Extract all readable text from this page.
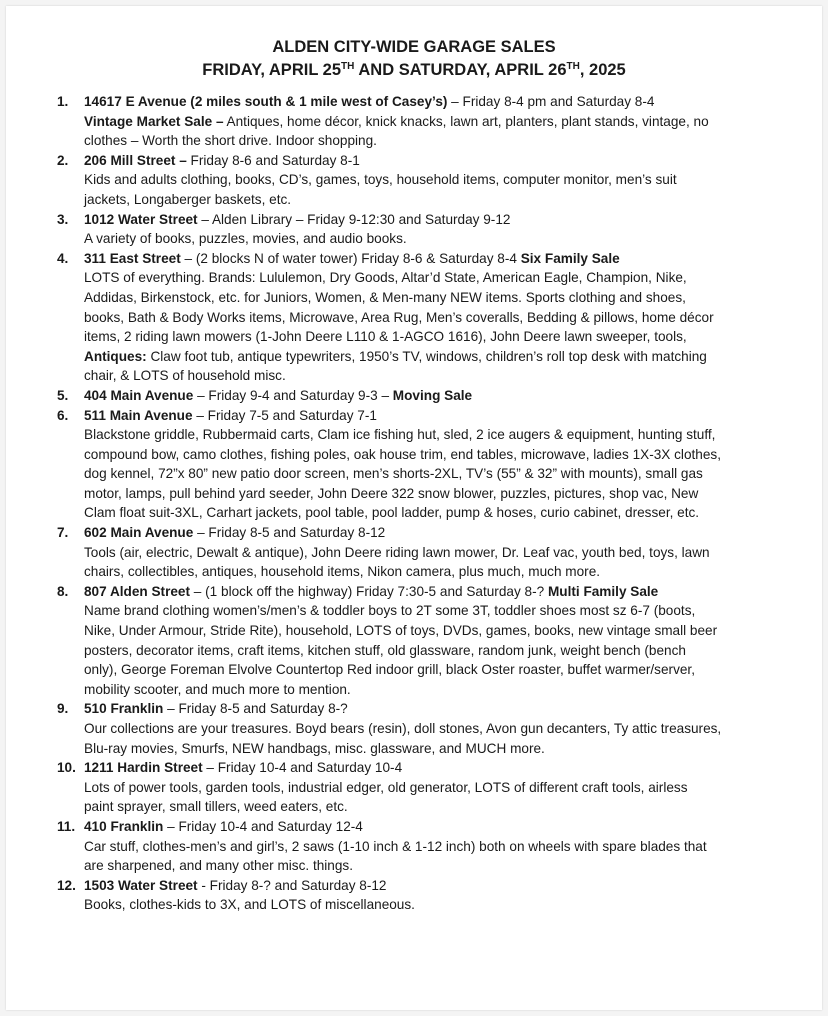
ALDEN CITY-WIDE GARAGE SALES
FRIDAY, APRIL 25TH AND SATURDAY, APRIL 26TH, 2025
1. 14617 E Avenue (2 miles south & 1 mile west of Casey’s) – Friday 8-4 pm and Saturday 8-4
Vintage Market Sale – Antiques, home décor, knick knacks, lawn art, planters, plant stands, vintage, no
clothes – Worth the short drive. Indoor shopping.
2. 206 Mill Street – Friday 8-6 and Saturday 8-1
Kids and adults clothing, books, CD’s, games, toys, household items, computer monitor, men’s suit
jackets, Longaberger baskets, etc.
3. 1012 Water Street – Alden Library – Friday 9-12:30 and Saturday 9-12
A variety of books, puzzles, movies, and audio books.
4. 311 East Street – (2 blocks N of water tower) Friday 8-6 & Saturday 8-4 Six Family Sale
LOTS of everything. Brands: Lululemon, Dry Goods, Altar’d State, American Eagle, Champion, Nike,
Addidas, Birkenstock, etc. for Juniors, Women, & Men-many NEW items. Sports clothing and shoes,
books, Bath & Body Works items, Microwave, Area Rug, Men’s coveralls, Bedding & pillows, home décor
items, 2 riding lawn mowers (1-John Deere L110 & 1-AGCO 1616), John Deere lawn sweeper, tools,
Antiques: Claw foot tub, antique typewriters, 1950’s TV, windows, children’s roll top desk with matching
chair, & LOTS of household misc.
5. 404 Main Avenue – Friday 9-4 and Saturday 9-3 – Moving Sale
6. 511 Main Avenue – Friday 7-5 and Saturday 7-1
Blackstone griddle, Rubbermaid carts, Clam ice fishing hut, sled, 2 ice augers & equipment, hunting stuff,
compound bow, camo clothes, fishing poles, oak house trim, end tables, microwave, ladies 1X-3X clothes,
dog kennel, 72”x 80” new patio door screen, men’s shorts-2XL, TV’s (55” & 32” with mounts), small gas
motor, lamps, pull behind yard seeder, John Deere 322 snow blower, puzzles, pictures, shop vac, New
Clam float suit-3XL, Carhart jackets, pool table, pool ladder, pump & hoses, curio cabinet, dresser, etc.
7. 602 Main Avenue – Friday 8-5 and Saturday 8-12
Tools (air, electric, Dewalt & antique), John Deere riding lawn mower, Dr. Leaf vac, youth bed, toys, lawn
chairs, collectibles, antiques, household items, Nikon camera, plus much, much more.
8. 807 Alden Street – (1 block off the highway) Friday 7:30-5 and Saturday 8-? Multi Family Sale
Name brand clothing women’s/men’s & toddler boys to 2T some 3T, toddler shoes most sz 6-7 (boots,
Nike, Under Armour, Stride Rite), household, LOTS of toys, DVDs, games, books, new vintage small beer
posters, decorator items, craft items, kitchen stuff, old glassware, random junk, weight bench (bench
only), George Foreman Elvolve Countertop Red indoor grill, black Oster roaster, buffet warmer/server,
mobility scooter, and much more to mention.
9. 510 Franklin – Friday 8-5 and Saturday 8-?
Our collections are your treasures. Boyd bears (resin), doll stones, Avon gun decanters, Ty attic treasures,
Blu-ray movies, Smurfs, NEW handbags, misc. glassware, and MUCH more.
10. 1211 Hardin Street – Friday 10-4 and Saturday 10-4
Lots of power tools, garden tools, industrial edger, old generator, LOTS of different craft tools, airless
paint sprayer, small tillers, weed eaters, etc.
11. 410 Franklin – Friday 10-4 and Saturday 12-4
Car stuff, clothes-men’s and girl’s, 2 saws (1-10 inch & 1-12 inch) both on wheels with spare blades that
are sharpened, and many other misc. things.
12. 1503 Water Street - Friday 8-? and Saturday 8-12
Books, clothes-kids to 3X, and LOTS of miscellaneous.
